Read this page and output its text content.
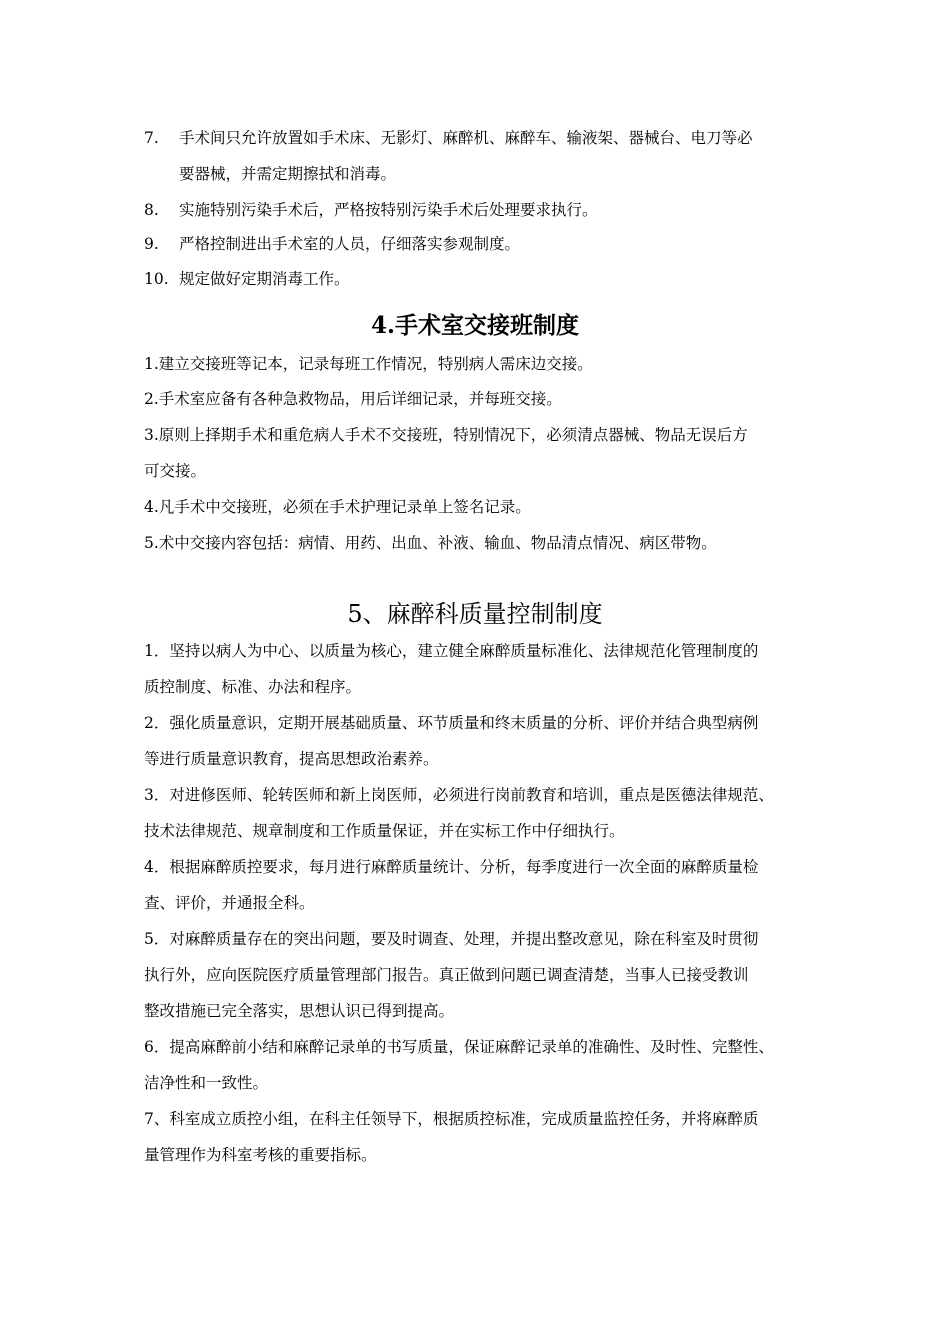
7. 手术间只允许放置如手术床、无影灯、麻醉机、麻醉车、输液架、器械台、电刀等必
要器械，并需定期擦拭和消毒。
8. 实施特别污染手术后，严格按特别污染手术后处理要求执行。
9. 严格控制进出手术室的人员，仔细落实参观制度。
10. 规定做好定期消毒工作。
4.手术室交接班制度
1.建立交接班等记本，记录每班工作情况，特别病人需床边交接。
2.手术室应备有各种急救物品，用后详细记录，并每班交接。
3.原则上择期手术和重危病人手术不交接班，特别情况下，必须清点器械、物品无误后方
可交接。
4.凡手术中交接班，必须在手术护理记录单上签名记录。
5.术中交接内容包括：病情、用药、出血、补液、输血、物品清点情况、病区带物。
5、麻醉科质量控制制度
1．坚持以病人为中心、以质量为核心，建立健全麻醉质量标准化、法律规范化管理制度的
质控制度、标准、办法和程序。
2．强化质量意识，定期开展基础质量、环节质量和终末质量的分析、评价并结合典型病例
等进行质量意识教育，提高思想政治素养。
3．对进修医师、轮转医师和新上岗医师，必须进行岗前教育和培训，重点是医德法律规范、
技术法律规范、规章制度和工作质量保证，并在实标工作中仔细执行。
4．根据麻醉质控要求，每月进行麻醉质量统计、分析，每季度进行一次全面的麻醉质量检
查、评价，并通报全科。
5．对麻醉质量存在的突出问题，要及时调查、处理，并提出整改意见，除在科室及时贯彻
执行外，应向医院医疗质量管理部门报告。真正做到问题已调查清楚，当事人已接受教训
整改措施已完全落实，思想认识已得到提高。
6．提高麻醉前小结和麻醉记录单的书写质量，保证麻醉记录单的准确性、及时性、完整性、
洁净性和一致性。
7、科室成立质控小组，在科主任领导下，根据质控标准，完成质量监控任务，并将麻醉质
量管理作为科室考核的重要指标。
